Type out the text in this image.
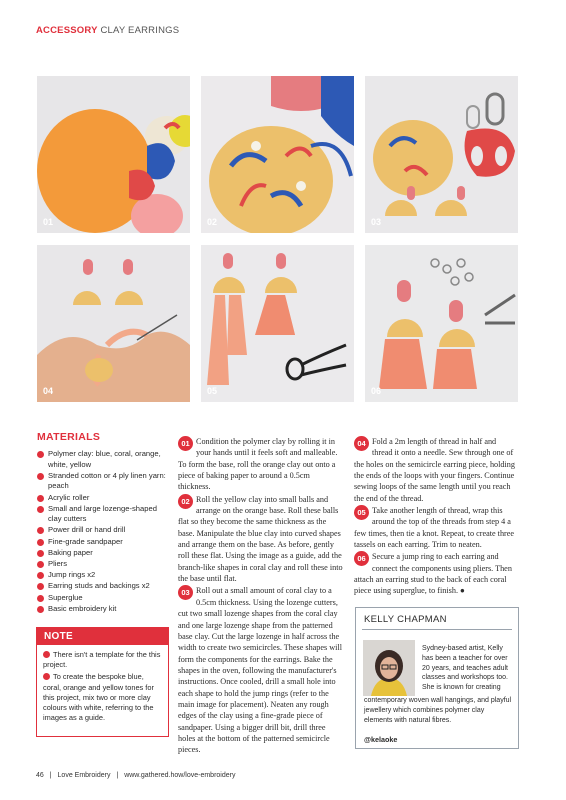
ACCESSORY CLAY EARRINGS
01	02	03
04	05	06
MATERIALS
Polymer clay: blue, coral, orange, white, yellow
Stranded cotton or 4 ply linen yarn: peach
Acrylic roller
Small and large lozenge-shaped clay cutters
Power drill or hand drill
Fine-grade sandpaper
Baking paper
Pliers
Jump rings x2
Earring studs and backings x2
Superglue
Basic embroidery kit
NOTE

There isn't a template for the this project.

To create the bespoke blue, coral, orange and yellow tones for this project, mix two or more clay colours with white, referring to the images as a guide.

01 Condition the polymer clay by rolling it in your hands until it feels soft and malleable. To form the base, roll the orange clay out onto a piece of baking paper to around a 0.5cm thickness.

02 Roll the yellow clay into small balls and arrange on the orange base. Roll these balls flat so they become the same thickness as the base. Manipulate the blue clay into curved shapes and arrange them on the base. As before, gently roll these flat. Using the image as a guide, add the branch-like shapes in coral clay and roll these into the base until flat.

03 Roll out a small amount of coral clay to a 0.5cm thickness. Using the lozenge cutters, cut two small lozenge shapes from the coral clay and one large lozenge shape from the patterned base clay. Cut the large lozenge in half across the width to create two semicircles. These shapes will form the components for the earrings. Bake the shapes in the oven, following the manufacturer's instructions. Once cooled, drill a small hole into each shape to hold the jump rings (refer to the main image for placement). Neaten any rough edges of the clay using a fine-grade piece of sandpaper. Using a bigger drill bit, drill three holes at the bottom of the patterned semicircle pieces.

04 Fold a 2m length of thread in half and thread it onto a needle. Sew through one of the holes on the semicircle earring piece, holding the ends of the loops with your fingers. Continue sewing loops of the same length until you reach the end of the thread.

05 Take another length of thread, wrap this around the top of the threads from step 4 a few times, then tie a knot. Repeat, to create three tassels on each earring. Trim to neaten.

06 Secure a jump ring to each earring and connect the components using pliers. Then attach an earring stud to the back of each coral piece using superglue, to finish. ●

KELLY CHAPMAN
Sydney-based artist, Kelly has been a teacher for over 20 years, and teaches adult classes and workshops too. She is known for creating
contemporary woven wall hangings, and playful jewellery which combines polymer clay elements with natural fibres.
@kelaoke
46 | Love Embroidery | www.gathered.how/love-embroidery
PassionForum.ru
